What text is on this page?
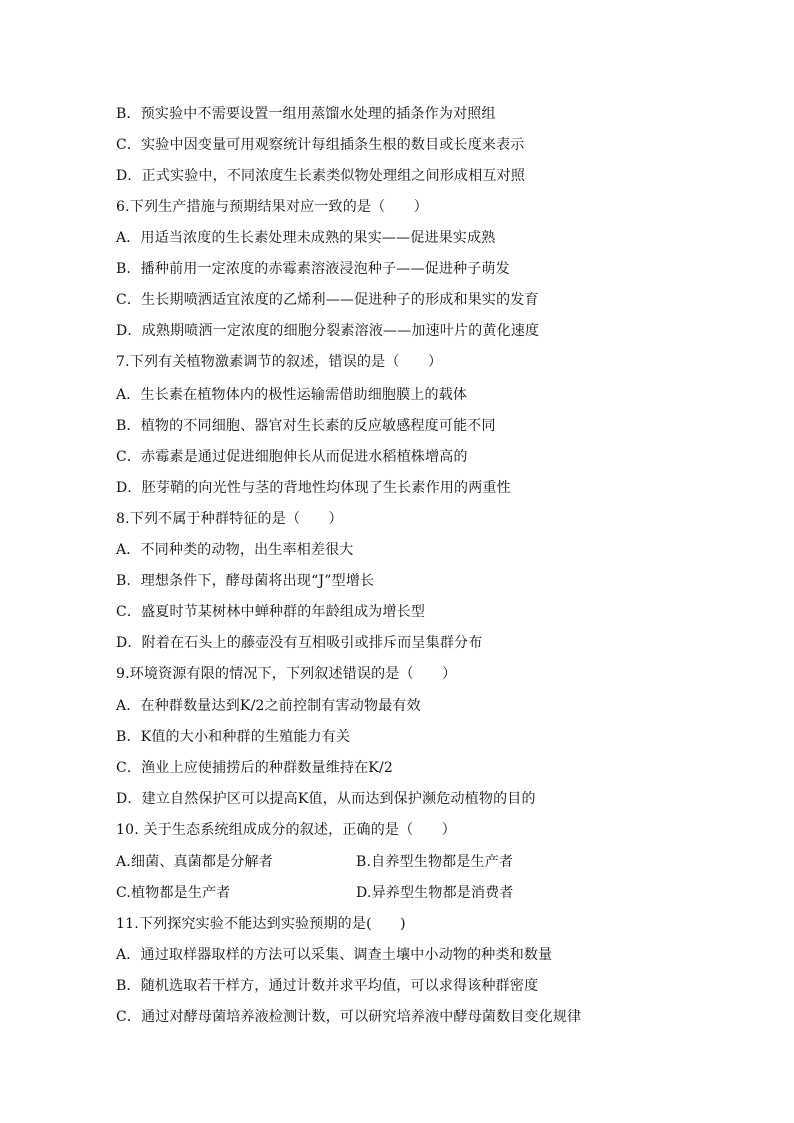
B．预实验中不需要设置一组用蒸馏水处理的插条作为对照组
C．实验中因变量可用观察统计每组插条生根的数目或长度来表示
D．正式实验中，不同浓度生长素类似物处理组之间形成相互对照
6.下列生产措施与预期结果对应一致的是（　　）
A．用适当浓度的生长素处理未成熟的果实——促进果实成熟
B．播种前用一定浓度的赤霉素溶液浸泡种子——促进种子萌发
C．生长期喷洒适宜浓度的乙烯利——促进种子的形成和果实的发育
D．成熟期喷洒一定浓度的细胞分裂素溶液——加速叶片的黄化速度
7.下列有关植物激素调节的叙述，错误的是（　　）
A．生长素在植物体内的极性运输需借助细胞膜上的载体
B．植物的不同细胞、器官对生长素的反应敏感程度可能不同
C．赤霉素是通过促进细胞伸长从而促进水稻植株增高的
D．胚芽鞘的向光性与茎的背地性均体现了生长素作用的两重性
8.下列不属于种群特征的是（　　）
A．不同种类的动物，出生率相差很大
B．理想条件下，酵母菌将出现“J”型增长
C．盛夏时节某树林中蝉种群的年龄组成为增长型
D．附着在石头上的藤壶没有互相吸引或排斥而呈集群分布
9.环境资源有限的情况下，下列叙述错误的是（　　）
A．在种群数量达到K/2之前控制有害动物最有效
B．K值的大小和种群的生殖能力有关
C．渔业上应使捕捞后的种群数量维持在K/2
D．建立自然保护区可以提高K值，从而达到保护濒危动植物的目的
10. 关于生态系统组成成分的叙述，正确的是（　　）
A.细菌、真菌都是分解者	B.自养型生物都是生产者
C.植物都是生产者	D.异养型生物都是消费者
11.下列探究实验不能达到实验预期的是(　　)
A．通过取样器取样的方法可以采集、调查土壤中小动物的种类和数量
B．随机选取若干样方，通过计数并求平均值，可以求得该种群密度
C．通过对酵母菌培养液检测计数，可以研究培养液中酵母菌数目变化规律
